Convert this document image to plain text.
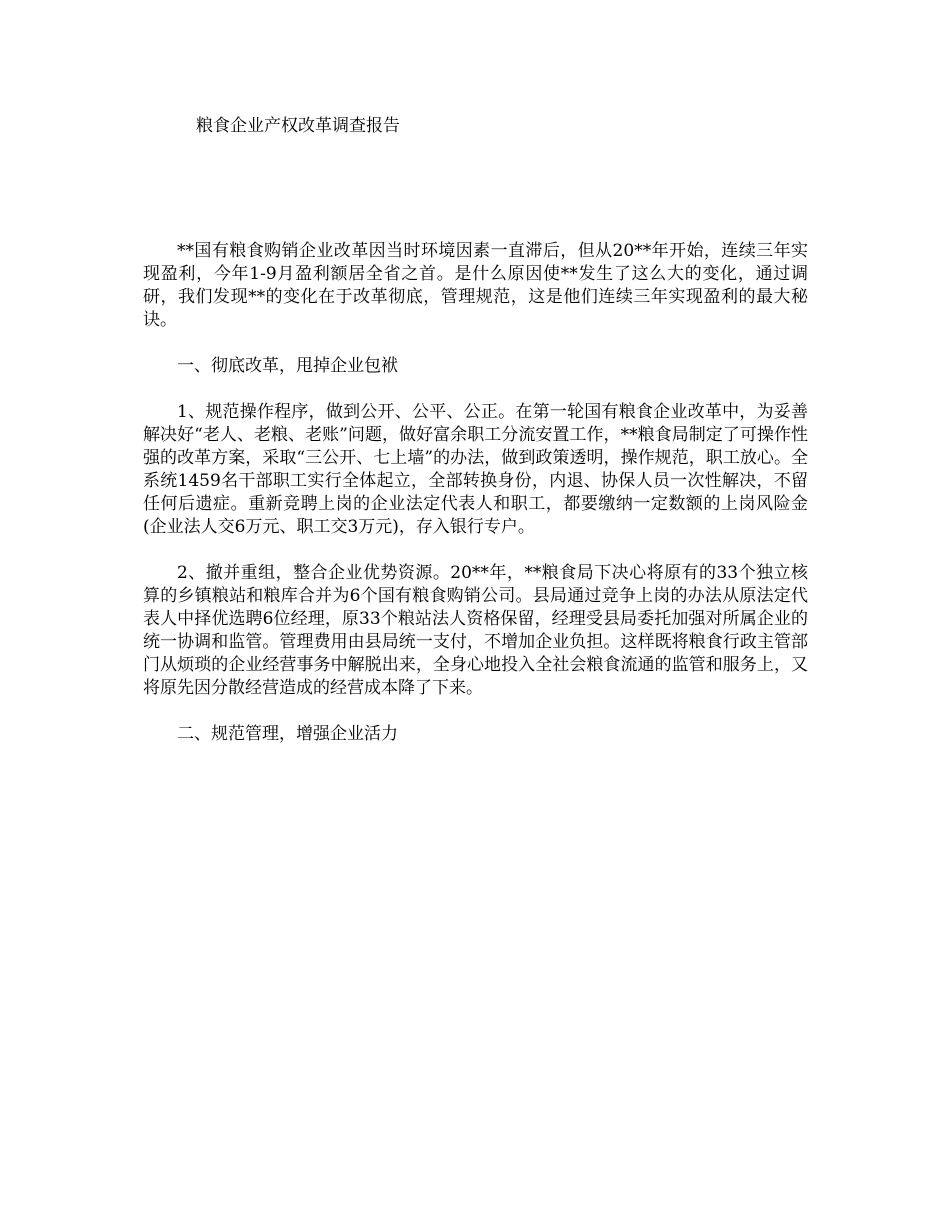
粮食企业产权改革调查报告

**国有粮食购销企业改革因当时环境因素一直滞后，但从20**年开始，连续三年实现盈利，今年1-9月盈利额居全省之首。是什么原因使**发生了这么大的变化，通过调研，我们发现**的变化在于改革彻底，管理规范，这是他们连续三年实现盈利的最大秘诀。

一、彻底改革，甩掉企业包袱

1、规范操作程序，做到公开、公平、公正。在第一轮国有粮食企业改革中，为妥善解决好“老人、老粮、老账”问题，做好富余职工分流安置工作，**粮食局制定了可操作性强的改革方案，采取“三公开、七上墙”的办法，做到政策透明，操作规范，职工放心。全系统1459名干部职工实行全体起立，全部转换身份，内退、协保人员一次性解决，不留任何后遗症。重新竞聘上岗的企业法定代表人和职工，都要缴纳一定数额的上岗风险金(企业法人交6万元、职工交3万元)，存入银行专户。

2、撤并重组，整合企业优势资源。20**年，**粮食局下决心将原有的33个独立核算的乡镇粮站和粮库合并为6个国有粮食购销公司。县局通过竞争上岗的办法从原法定代表人中择优选聘6位经理，原33个粮站法人资格保留，经理受县局委托加强对所属企业的统一协调和监管。管理费用由县局统一支付，不增加企业负担。这样既将粮食行政主管部门从烦琐的企业经营事务中解脱出来，全身心地投入全社会粮食流通的监管和服务上，又将原先因分散经营造成的经营成本降了下来。

二、规范管理，增强企业活力
